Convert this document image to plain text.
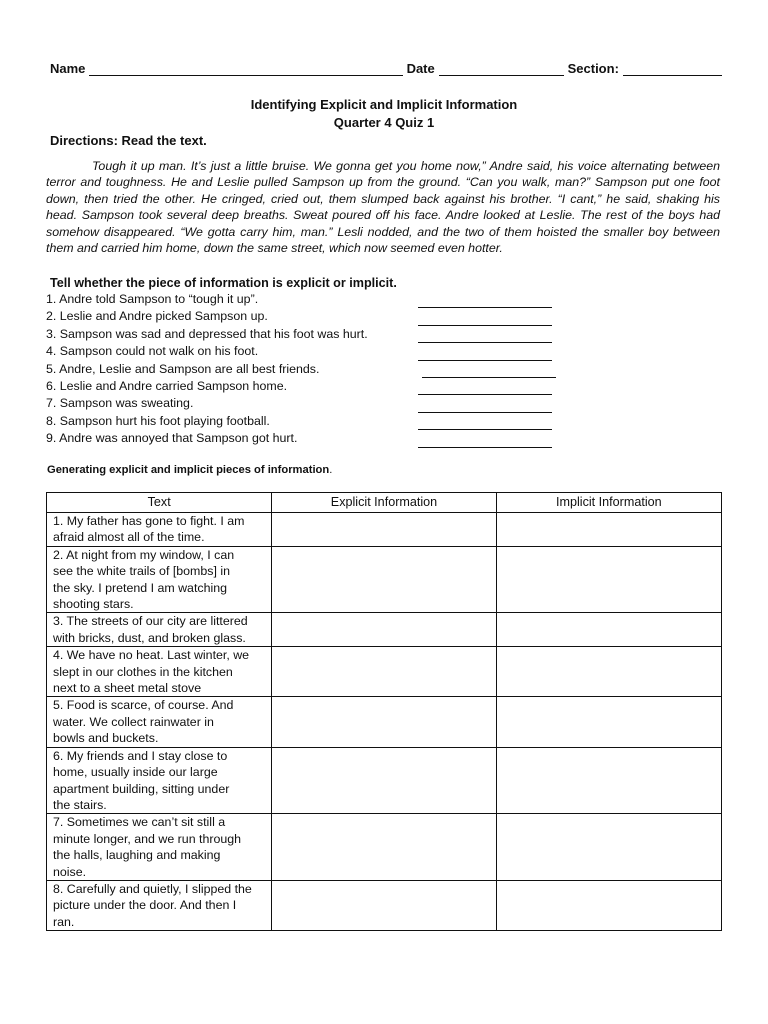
Name	Date	Section:
Identifying Explicit and Implicit Information
Quarter 4 Quiz 1
Directions: Read the text.
Tough it up man. It’s just a little bruise. We gonna get you home now,” Andre said, his voice alternating between terror and toughness. He and Leslie pulled Sampson up from the ground. “Can you walk, man?” Sampson put one foot down, then tried the other. He cringed, cried out, them slumped back against his brother. “I cant,” he said, shaking his head. Sampson took several deep breaths. Sweat poured off his face. Andre looked at Leslie. The rest of the boys had somehow disappeared. “We gotta carry him, man.” Lesli nodded, and the two of them hoisted the smaller boy between them and carried him home, down the same street, which now seemed even hotter.
Tell whether the piece of information is explicit or implicit.
1. Andre told Sampson to “tough it up”.
2. Leslie and Andre picked Sampson up.
3. Sampson was sad and depressed that his foot was hurt.
4. Sampson could not walk on his foot.
5. Andre, Leslie and Sampson are all best friends.
6. Leslie and Andre carried Sampson home.
7. Sampson was sweating.
8. Sampson hurt his foot playing football.
9. Andre was annoyed that Sampson got hurt.
Generating explicit and implicit pieces of information.
Text	Explicit Information	Implicit Information

1. My father has gone to fight. I am
afraid almost all of the time.		

2. At night from my window, I can
see the white trails of [bombs] in
the sky. I pretend I am watching
shooting stars.		

3. The streets of our city are littered
with bricks, dust, and broken glass.		

4. We have no heat. Last winter, we
slept in our clothes in the kitchen
next to a sheet metal stove		

5. Food is scarce, of course. And
water. We collect rainwater in
bowls and buckets.		

6. My friends and I stay close to
home, usually inside our large
apartment building, sitting under
the stairs.		

7. Sometimes we can’t sit still a
minute longer, and we run through
the halls, laughing and making
noise.		

8. Carefully and quietly, I slipped the
picture under the door. And then I
ran.		
